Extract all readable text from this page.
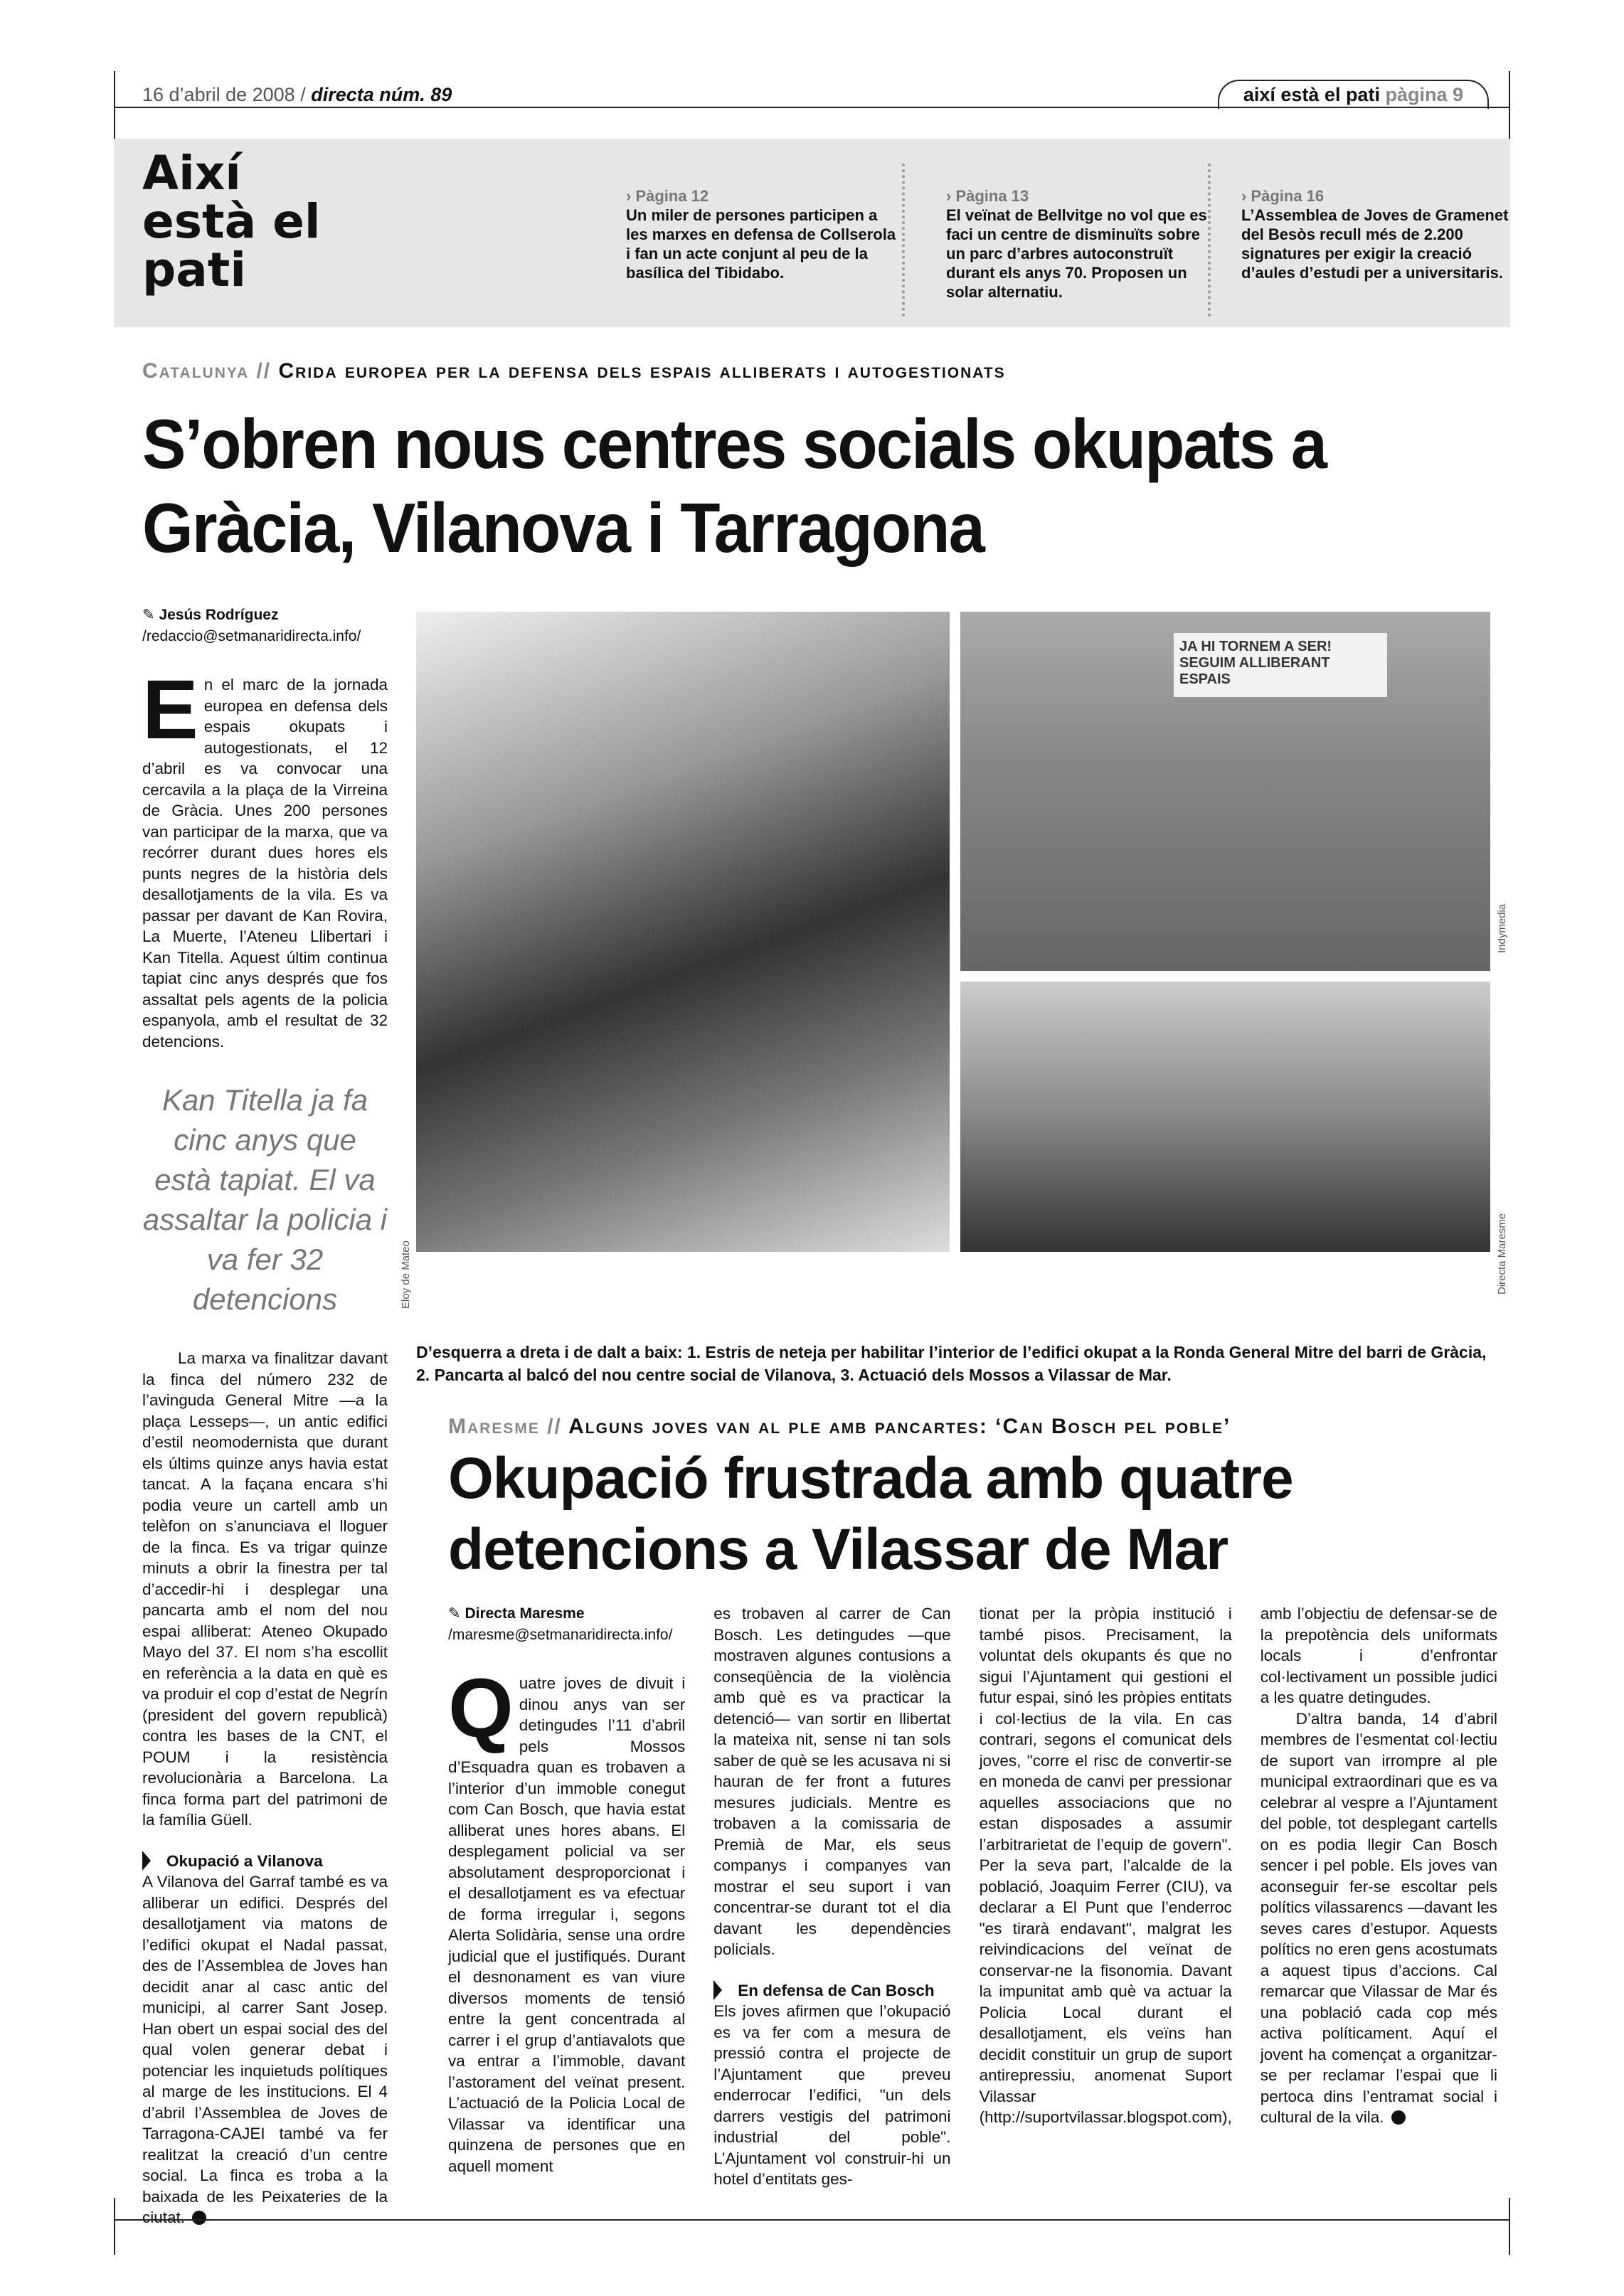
16 d’abril de 2008 / directa núm. 89	així està el pati pàgina 9
Així està el pati
› Pàgina 12
Un miler de persones participen a les marxes en defensa de Collserola i fan un acte conjunt al peu de la basílica del Tibidabo.
› Pàgina 13
El veïnat de Bellvitge no vol que es faci un centre de disminuïts sobre un parc d’arbres autoconstruït durant els anys 70. Proposen un solar alternatiu.
› Pàgina 16
L’Assemblea de Joves de Gramenet del Besòs recull més de 2.200 signatures per exigir la creació d’aules d’estudi per a universitaris.
Catalunya // Crida europea per la defensa dels espais alliberats i autogestionats
S’obren nous centres socials okupats a Gràcia, Vilanova i Tarragona
✎ Jesús Rodríguez
/redaccio@setmanaridirecta.info/
En el marc de la jornada europea en defensa dels espais okupats i autogestionats, el 12 d’abril es va convocar una cercavila a la plaça de la Virreina de Gràcia. Unes 200 persones van participar de la marxa, que va recórrer durant dues hores els punts negres de la història dels desallotjaments de la vila. Es va passar per davant de Kan Rovira, La Muerte, l’Ateneu Llibertari i Kan Titella. Aquest últim continua tapiat cinc anys després que fos assaltat pels agents de la policia espanyola, amb el resultat de 32 detencions.
Kan Titella ja fa cinc anys que està tapiat. El va assaltar la policia i va fer 32 detencions
La marxa va finalitzar davant la finca del número 232 de l’avinguda General Mitre —a la plaça Lesseps—, un antic edifici d’estil neomodernista que durant els últims quinze anys havia estat tancat. A la façana encara s’hi podia veure un cartell amb un telèfon on s’anunciava el lloguer de la finca. Es va trigar quinze minuts a obrir la finestra per tal d’accedir-hi i desplegar una pancarta amb el nom del nou espai alliberat: Ateneo Okupado Mayo del 37. El nom s’ha escollit en referència a la data en què es va produir el cop d’estat de Negrín (president del govern republicà) contra les bases de la CNT, el POUM i la resistència revolucionària a Barcelona. La finca forma part del patrimoni de la família Güell.
Okupació a Vilanova
A Vilanova del Garraf també es va alliberar un edifici. Després del desallotjament via matons de l’edifici okupat el Nadal passat, des de l’Assemblea de Joves han decidit anar al casc antic del municipi, al carrer Sant Josep. Han obert un espai social des del qual volen generar debat i potenciar les inquietuds polítiques al marge de les institucions. El 4 d’abril l’Assemblea de Joves de Tarragona-CAJEI també va fer realitzat la creació d’un centre social. La finca es troba a la baixada de les Peixateries de la ciutat.
Eloy de Mateo
JA HI TORNEM A SER! SEGUIM ALLIBERANT ESPAIS
Indymedia
Directa Maresme
D’esquerra a dreta i de dalt a baix: 1. Estris de neteja per habilitar l’interior de l’edifici okupat a la Ronda General Mitre del barri de Gràcia, 2. Pancarta al balcó del nou centre social de Vilanova, 3. Actuació dels Mossos a Vilassar de Mar.
Maresme // Alguns joves van al ple amb pancartes: ‘Can Bosch pel poble’
Okupació frustrada amb quatre detencions a Vilassar de Mar
✎ Directa Maresme
/maresme@setmanaridirecta.info/
Quatre joves de divuit i dinou anys van ser detingudes l’11 d’abril pels Mossos d’Esquadra quan es trobaven a l’interior d’un immoble conegut com Can Bosch, que havia estat alliberat unes hores abans. El desplegament policial va ser absolutament desproporcionat i el desallotjament es va efectuar de forma irregular i, segons Alerta Solidària, sense una ordre judicial que el justifiqués. Durant el desnonament es van viure diversos moments de tensió entre la gent concentrada al carrer i el grup d’antiavalots que va entrar a l’immoble, davant l’astorament del veïnat present. L’actuació de la Policia Local de Vilassar va identificar una quinzena de persones que en aquell moment
es trobaven al carrer de Can Bosch. Les detingudes —que mostraven algunes contusions a conseqüència de la violència amb què es va practicar la detenció— van sortir en llibertat la mateixa nit, sense ni tan sols saber de què se les acusava ni si hauran de fer front a futures mesures judicials. Mentre es trobaven a la comissaria de Premià de Mar, els seus companys i companyes van mostrar el seu suport i van concentrar-se durant tot el dia davant les dependències policials.
En defensa de Can Bosch
Els joves afirmen que l’okupació es va fer com a mesura de pressió contra el projecte de l’Ajuntament que preveu enderrocar l’edifici, "un dels darrers vestigis del patrimoni industrial del poble". L’Ajuntament vol construir-hi un hotel d’entitats ges-
tionat per la pròpia institució i també pisos. Precisament, la voluntat dels okupants és que no sigui l’Ajuntament qui gestioni el futur espai, sinó les pròpies entitats i col·lectius de la vila. En cas contrari, segons el comunicat dels joves, "corre el risc de convertir-se en moneda de canvi per pressionar aquelles associacions que no estan disposades a assumir l’arbitrarietat de l’equip de govern". Per la seva part, l’alcalde de la població, Joaquim Ferrer (CIU), va declarar a El Punt que l’enderroc "es tirarà endavant", malgrat les reivindicacions del veïnat de conservar-ne la fisonomia. Davant la impunitat amb què va actuar la Policia Local durant el desallotjament, els veïns han decidit constituir un grup de suport antirepressiu, anomenat Suport Vilassar (http://suportvilassar.blogspot.com),
amb l’objectiu de defensar-se de la prepotència dels uniformats locals i d’enfrontar col·lectivament un possible judici a les quatre detingudes.
D’altra banda, 14 d’abril membres de l’esmentat col·lectiu de suport van irrompre al ple municipal extraordinari que es va celebrar al vespre a l’Ajuntament del poble, tot desplegant cartells on es podia llegir Can Bosch sencer i pel poble. Els joves van aconseguir fer-se escoltar pels polítics vilassarencs —davant les seves cares d’estupor. Aquests polítics no eren gens acostumats a aquest tipus d’accions. Cal remarcar que Vilassar de Mar és una població cada cop més activa políticament. Aquí el jovent ha començat a organitzar-se per reclamar l’espai que li pertoca dins l’entramat social i cultural de la vila.
